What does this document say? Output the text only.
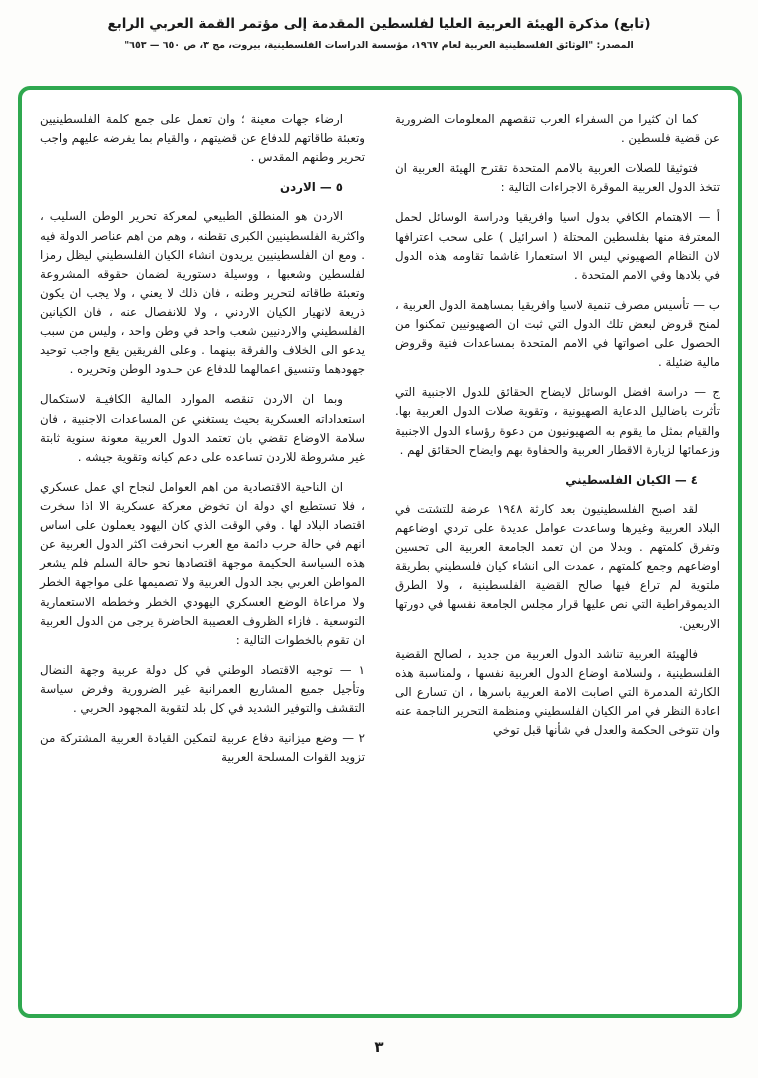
(تابع) مذكرة الهيئة العربية العليا لفلسطين المقدمة إلى مؤتمر القمة العربي الرابع
المصدر: "الوثائق الفلسطينية العربية لعام ١٩٦٧، مؤسسة الدراسات الفلسطينية، بيروت، مج ٣، ص ٦٥٠ — ٦٥٣"

كما ان كثيرا من السفراء العرب تنقصهم المعلومات الضرورية عن قضية فلسطين .

فتوثيقا للصلات العربية بالامم المتحدة تقترح الهيئة العربية ان تتخذ الدول العربية الموقرة الاجراءات التالية :

أ — الاهتمام الكافي بدول اسيا وافريقيا ودراسة الوسائل لحمل المعترفة منها بفلسطين المحتلة ( اسرائيل ) على سحب اعترافها لان النظام الصهيوني ليس الا استعمارا غاشما تقاومه هذه الدول في بلادها وفي الامم المتحدة .

ب — تأسيس مصرف تنمية لاسيا وافريقيا بمساهمة الدول العربية ، لمنح قروض لبعض تلك الدول التي ثبت ان الصهيونيين تمكنوا من الحصول على اصواتها في الامم المتحدة بمساعدات فنية وقروض مالية ضئيلة .

ج — دراسة افضل الوسائل لايضاح الحقائق للدول الاجنبية التي تأثرت باضاليل الدعاية الصهيونية ، وتقوية صلات الدول العربية بها. والقيام بمثل ما يقوم به الصهيونيون من دعوة رؤساء الدول الاجنبية وزعمائها لزيارة الاقطار العربية والحفاوة بهم وايضاح الحقائق لهم .

٤ — الكيان الفلسطيني

لقد اصبح الفلسطينيون بعد كارثة ١٩٤٨ عرضة للتشتت في البلاد العربية وغيرها وساعدت عوامل عديدة على تردي اوضاعهم وتفرق كلمتهم . وبدلا من ان تعمد الجامعة العربية الى تحسين اوضاعهم وجمع كلمتهم ، عمدت الى انشاء كيان فلسطيني بطريقة ملتوية لم تراع فيها صالح القضية الفلسطينية ، ولا الطرق الديموقراطية التي نص عليها قرار مجلس الجامعة نفسها في دورتها الاربعين.

فالهيئة العربية تناشد الدول العربية من جديد ، لصالح القضية الفلسطينية ، ولسلامة اوضاع الدول العربية نفسها ، ولمناسبة هذه الكارثة المدمرة التي اصابت الامة العربية باسرها ، ان تسارع الى اعادة النظر في امر الكيان الفلسطيني ومنظمة التحرير الناجمة عنه وان تتوخى الحكمة والعدل في شأنها قبل توخي

ارضاء جهات معينة ؛ وان تعمل على جمع كلمة الفلسطينيين وتعبئة طاقاتهم للدفاع عن قضيتهم ، والقيام بما يفرضه عليهم واجب تحرير وطنهم المقدس .

٥ — الاردن

الاردن هو المنطلق الطبيعي لمعركة تحرير الوطن السليب ، واكثرية الفلسطينيين الكبرى تقطنه ، وهم من اهم عناصر الدولة فيه . ومع ان الفلسطينيين يريدون انشاء الكيان الفلسطيني ليظل رمزا لفلسطين وشعبها ، ووسيلة دستورية لضمان حقوقه المشروعة وتعبئة طاقاته لتحرير وطنه ، فان ذلك لا يعني ، ولا يجب ان يكون ذريعة لانهيار الكيان الاردني ، ولا للانفصال عنه ، فان الكيانين الفلسطيني والاردنيين شعب واحد في وطن واحد ، وليس من سبب يدعو الى الخلاف والفرقة بينهما . وعلى الفريقين يقع واجب توحيد جهودهما وتنسيق اعمالهما للدفاع عن حـدود الوطن وتحريره .

وبما ان الاردن تنقصه الموارد المالية الكافيـة لاستكمال استعداداته العسكرية بحيث يستغني عن المساعدات الاجنبية ، فان سلامة الاوضاع تقضي بان تعتمد الدول العربية معونة سنوية ثابتة غير مشروطة للاردن تساعده على دعم كيانه وتقوية جيشه .

ان الناحية الاقتصادية من اهم العوامل لنجاح اي عمل عسكري ، فلا تستطيع اي دولة ان تخوض معركة عسكرية الا اذا سخرت اقتصاد البلاد لها . وفي الوقت الذي كان اليهود يعملون على اساس انهم في حالة حرب دائمة مع العرب انحرفت اكثر الدول العربية عن هذه السياسة الحكيمة موجهة اقتصادها نحو حالة السلم فلم يشعر المواطن العربي بجد الدول العربية ولا تصميمها على مواجهة الخطر ولا مراعاة الوضع العسكري اليهودي الخطر وخططه الاستعمارية التوسعية . فازاء الظروف العصيبة الحاضرة يرجى من الدول العربية ان تقوم بالخطوات التالية :

١ — توجيه الاقتصاد الوطني في كل دولة عربية وجهة النضال وتأجيل جميع المشاريع العمرانية غير الضرورية وفرض سياسة التقشف والتوفير الشديد في كل بلد لتقوية المجهود الحربي .

٢ — وضع ميزانية دفاع عربية لتمكين القيادة العربية المشتركة من تزويد القوات المسلحة العربية

٣
